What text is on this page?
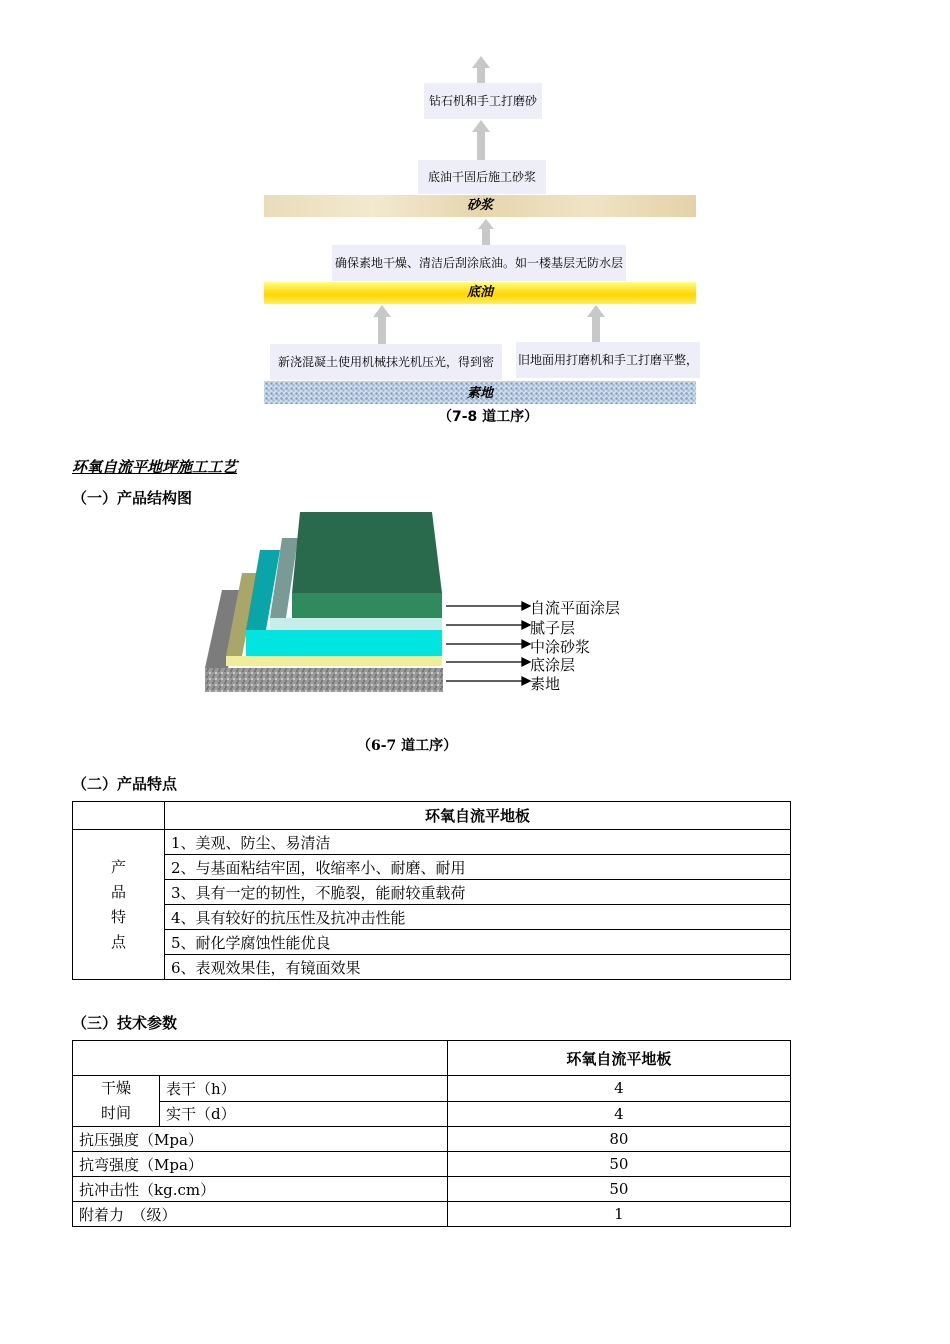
钻石机和手工打磨砂
底油干固后施工砂浆
砂浆
确保素地干燥、清洁后刮涂底油。如一楼基层无防水层
底油
新浇混凝土使用机械抹光机压光，得到密	旧地面用打磨机和手工打磨平整，
素地
（7-8 道工序）
环氧自流平地坪施工工艺
（一）产品结构图
自流平面涂层
腻子层
中涂砂浆
底涂层
素地
（6-7 道工序）
（二）产品特点
	环氧自流平地板

产
品
特
点	1、美观、防尘、易清洁
	2、与基面粘结牢固，收缩率小、耐磨、耐用
	3、具有一定的韧性，不脆裂，能耐较重载荷
	4、具有较好的抗压性及抗冲击性能
	5、耐化学腐蚀性能优良
	6、表观效果佳，有镜面效果
（三）技术参数
		环氧自流平地板

干燥
时间	表干（h）	4
	实干（d）	4
抗压强度（Mpa）		80
抗弯强度（Mpa）		50
抗冲击性（kg.cm）		50
附着力　（级）		1
